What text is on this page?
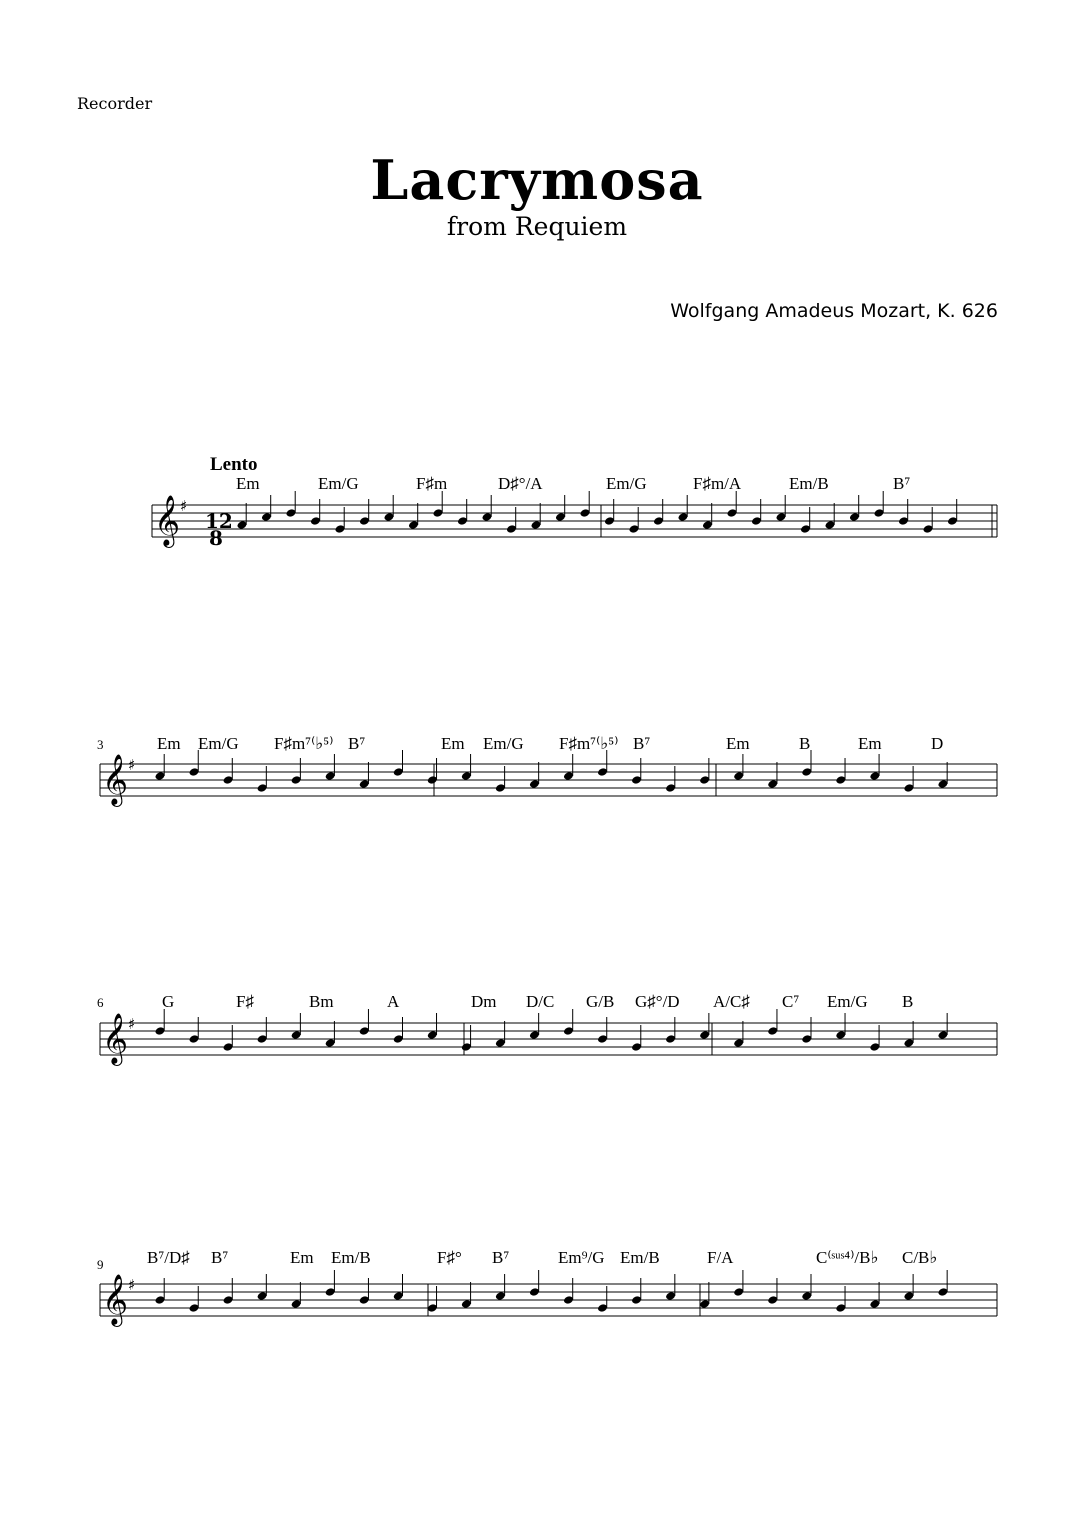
Recorder
Lacrymosa
from Requiem
Wolfgang Amadeus Mozart, K. 626
Lento
12
8
Em	Em/G	F♯m	D♯°/A	Em/G	F♯m/A	Em/B	B⁷
3	Em Em/G F♯m⁷⁽♭⁵⁾ B⁷	Em Em/G F♯m⁷⁽♭⁵⁾ B⁷	Em	B	Em	D
6	G	F♯	Bm	A	Dm D/C G/B G♯°/D A/C♯ C⁷ Em/G B
9	B⁷/D♯ B⁷	Em Em/B	F♯° B⁷	Em⁹/G Em/B	F/A	C⁽ˢᵘˢ⁴⁾/B♭ C/B♭
𝄞 ♯
𝄞 ♯
𝄞 ♯
𝄞 ♯
